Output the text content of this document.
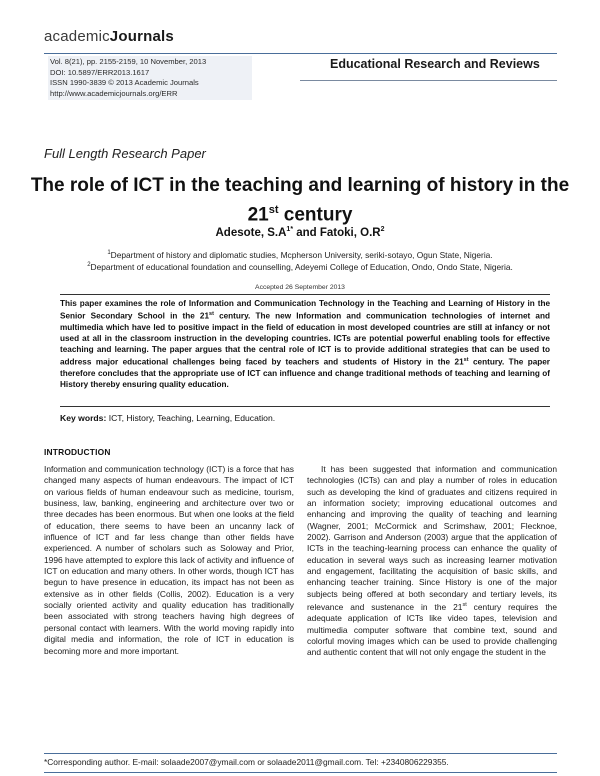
academicJournals
Vol. 8(21), pp. 2155-2159, 10 November, 2013
DOI: 10.5897/ERR2013.1617
ISSN 1990-3839 © 2013 Academic Journals
http://www.academicjournals.org/ERR
Educational Research and Reviews
Full Length Research Paper
The role of ICT in the teaching and learning of history in the 21st century
Adesote, $S.A^{1*}$ and Fatoki, $O.R^2$
$^1$Department of history and diplomatic studies, Mcpherson University, seriki-sotayo, Ogun State, Nigeria.
$^2$Department of educational foundation and counselling, Adeyemi College of Education, Ondo, Ondo State, Nigeria.
Accepted 26 September 2013
This paper examines the role of Information and Communication Technology in the Teaching and Learning of History in the Senior Secondary School in the 21st century. The new Information and communication technologies of internet and multimedia which have led to positive impact in the field of education in most developed countries are still at infancy or not used at all in the classroom instruction in the developing countries. ICTs are potential powerful enabling tools for effective teaching and learning. The paper argues that the central role of ICT is to provide additional strategies that can be used to address major educational challenges being faced by teachers and students of History in the 21st century. The paper therefore concludes that the appropriate use of ICT can influence and change traditional methods of teaching and learning of History thereby ensuring quality education.
Key words: ICT, History, Teaching, Learning, Education.
INTRODUCTION
Information and communication technology (ICT) is a force that has changed many aspects of human endeavours. The impact of ICT on various fields of human endeavour such as medicine, tourism, business, law, banking, engineering and architecture over two or three decades has been enormous. But when one looks at the field of education, there seems to have been an uncanny lack of influence of ICT and far less change than other fields have experienced. A number of scholars such as Soloway and Prior, 1996 have attempted to explore this lack of activity and influence of ICT on education and many others. In other words, though ICT has begun to have presence in education, its impact has not been as extensive as in other fields (Collis, 2002). Education is a very socially oriented activity and quality education has traditionally been associated with strong teachers having high degrees of personal contact with learners. With the world moving rapidly into digital media and information, the role of ICT in education is becoming more and more important.
It has been suggested that information and communication technologies (ICTs) can and play a number of roles in education such as developing the kind of graduates and citizens required in an information society; improving educational outcomes and enhancing and improving the quality of teaching and learning (Wagner, 2001; McCormick and Scrimshaw, 2001; Flecknoe, 2002). Garrison and Anderson (2003) argue that the application of ICTs in the teaching-learning process can enhance the quality of education in several ways such as increasing learner motivation and engagement, facilitating the acquisition of basic skills, and enhancing teacher training. Since History is one of the major subjects being offered at both secondary and tertiary levels, its relevance and sustenance in the 21st century requires the adequate application of ICTs like video tapes, television and multimedia computer software that combine text, sound and colorful moving images which can be used to provide challenging and authentic content that will not only engage the student in the
*Corresponding author. E-mail: solaade2007@ymail.com or solaade2011@gmail.com. Tel: +2340806229355.
